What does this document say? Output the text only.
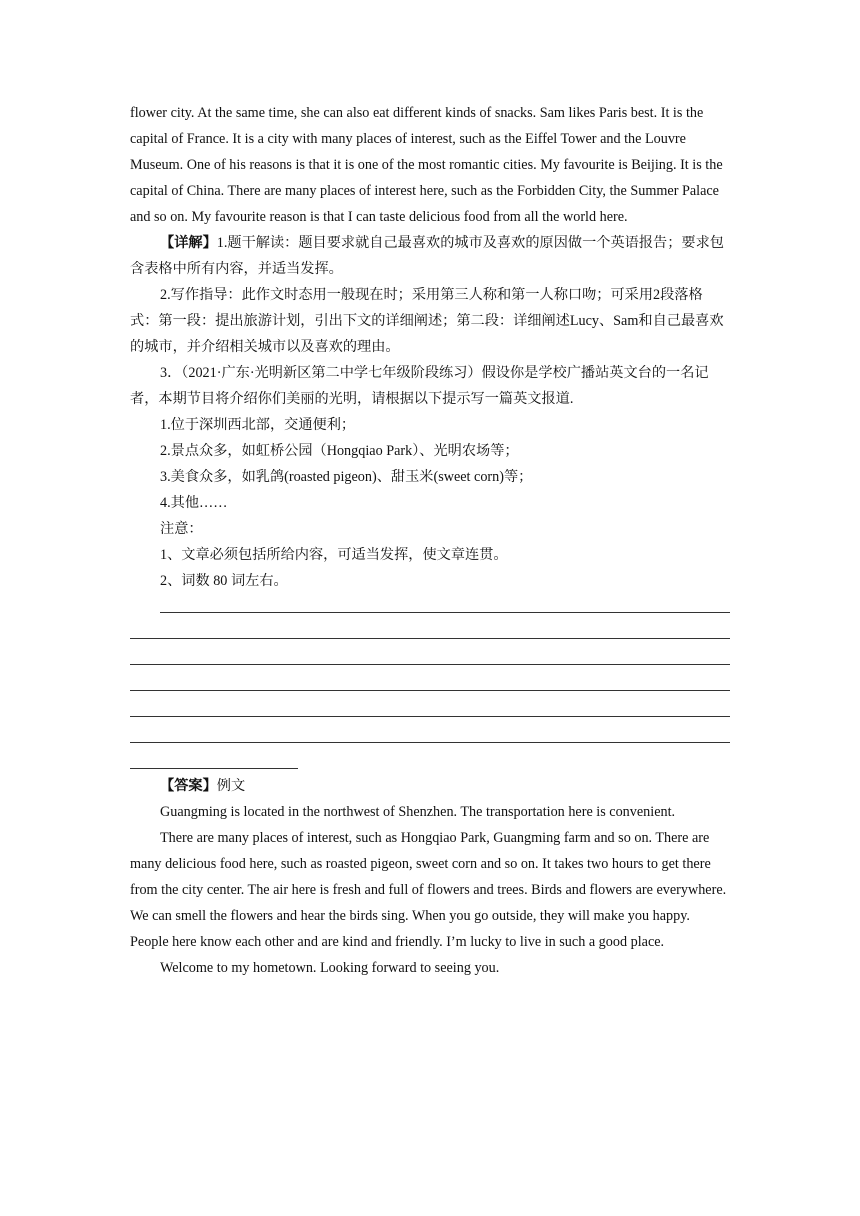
flower city. At the same time, she can also eat different kinds of snacks. Sam likes Paris best. It is the capital of France. It is a city with many places of interest, such as the Eiffel Tower and the Louvre Museum. One of his reasons is that it is one of the most romantic cities. My favourite is Beijing. It is the capital of China. There are many places of interest here, such as the Forbidden City, the Summer Palace and so on. My favourite reason is that I can taste delicious food from all the world here.

【详解】1.题干解读：题目要求就自己最喜欢的城市及喜欢的原因做一个英语报告；要求包含表格中所有内容，并适当发挥。

2.写作指导：此作文时态用一般现在时；采用第三人称和第一人称口吻；可采用2段落格式：第一段：提出旅游计划，引出下文的详细阐述；第二段：详细阐述Lucy、Sam和自己最喜欢的城市，并介绍相关城市以及喜欢的理由。

3．（2021·广东·光明新区第二中学七年级阶段练习）假设你是学校广播站英文台的一名记者，本期节目将介绍你们美丽的光明，请根据以下提示写一篇英文报道.

1.位于深圳西北部，交通便利；

2.景点众多，如虹桥公园（Hongqiao Park）、光明农场等；

3.美食众多，如乳鸽(roasted pigeon)、甜玉米(sweet corn)等；

4.其他……

注意：

1、文章必须包括所给内容，可适当发挥，使文章连贯。

2、词数 80 词左右。

【答案】例文

Guangming is located in the northwest of Shenzhen. The transportation here is convenient.

There are many places of interest, such as Hongqiao Park, Guangming farm and so on. There are many delicious food here, such as roasted pigeon, sweet corn and so on. It takes two hours to get there from the city center. The air here is fresh and full of flowers and trees. Birds and flowers are everywhere. We can smell the flowers and hear the birds sing. When you go outside, they will make you happy. People here know each other and are kind and friendly. I’m lucky to live in such a good place.

Welcome to my hometown. Looking forward to seeing you.
